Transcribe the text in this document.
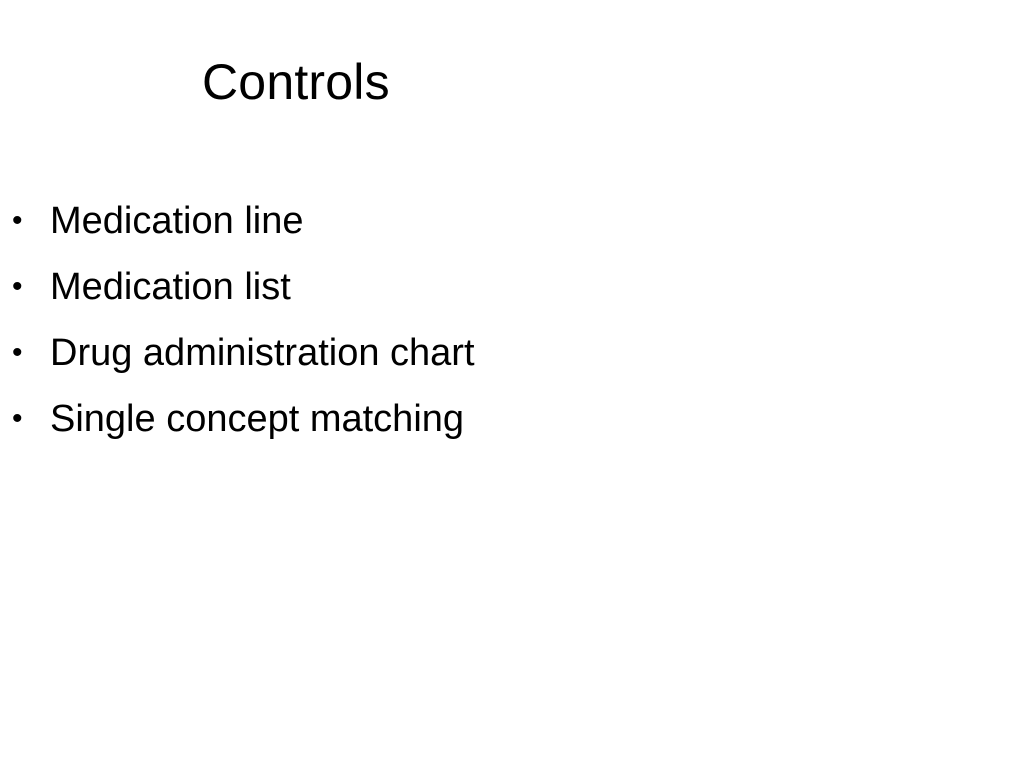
Controls
• Medication line
• Medication list
• Drug administration chart
• Single concept matching
